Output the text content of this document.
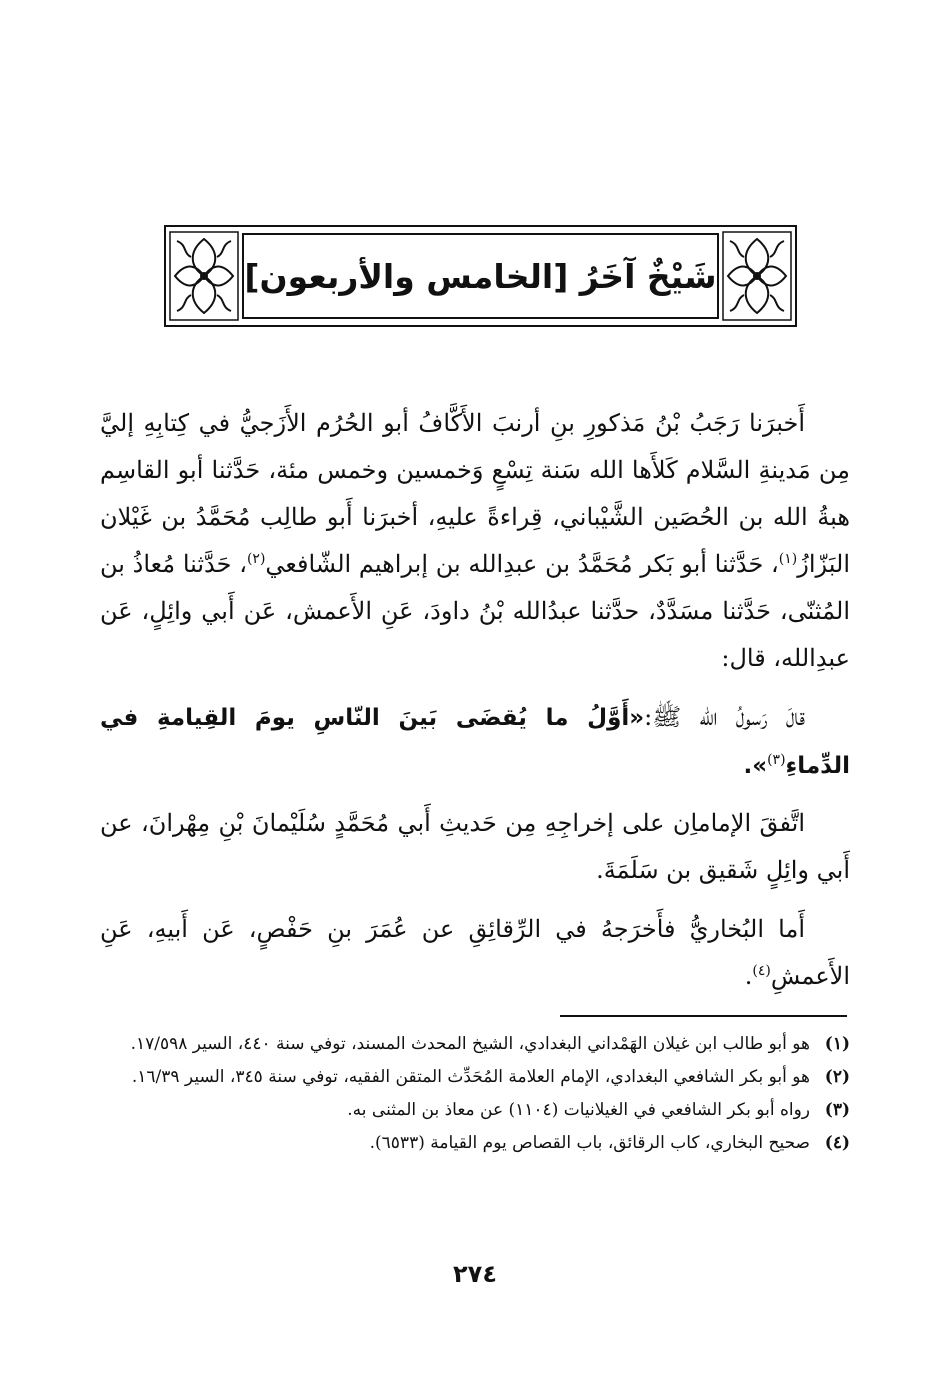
شَيْخٌ آخَرُ [الخامس والأربعون]

أَخبرَنا رَجَبُ بْنُ مَذكورِ بنِ أرنبَ الأَكَّافُ أبو الحُرُم الأَزَجيُّ في كِتابِهِ إليَّ مِن مَدينةِ السَّلام كَلأَها الله سَنة تِسْعٍ وَخمسين وخمس مئة، حَدَّثنا أبو القاسِم هبةُ الله بن الحُصَين الشَّيْباني، قِراءةً عليهِ، أخبرَنا أَبو طالِب مُحَمَّدُ بن غَيْلان البَزّازُ$^{(١)}$، حَدَّثنا أبو بَكر مُحَمَّدُ بن عبدِالله بن إبراهيم الشّافعي$^{(٢)}$، حَدَّثنا مُعاذُ بن المُثنّى، حَدَّثنا مسَدَّدٌ، حدَّثنا عبدُالله بْنُ داودَ، عَنِ الأَعمش، عَن أَبي وائِلٍ، عَن عبدِالله، قال:

قالَ رَسولُ الله ﷺ:«أَوَّلُ ما يُقضَى بَينَ النّاسِ يومَ القِيامةِ في الدِّماءِ$^{(٣)}$».

اتَّفقَ الإماماِن على إخراجِهِ مِن حَديثِ أَبي مُحَمَّدٍ سُلَيْمانَ بْنِ مِهْرانَ، عن أَبي وائِلٍ شَقيق بن سَلَمَةَ.

أَما البُخاريُّ فأَخرَجهُ في الرِّقائِقِ عن عُمَرَ بنِ حَفْصٍ، عَن أَبيهِ، عَنِ الأَعمشِ$^{(٤)}$.

(١)
هو أبو طالب ابن غيلان الهَمْداني البغدادي، الشيخ المحدث المسند، توفي سنة ٤٤٠، السير ١٧/٥٩٨.
(٢)
هو أبو بكر الشافعي البغدادي، الإمام العلامة المُحَدِّث المتقن الفقيه، توفي سنة ٣٤٥، السير ١٦/٣٩.
(٣)
رواه أبو بكر الشافعي في الغيلانيات (١١٠٤) عن معاذ بن المثنى به.
(٤)
صحيح البخاري، كاب الرقائق، باب القصاص يوم القيامة (٦٥٣٣).
٢٧٤
